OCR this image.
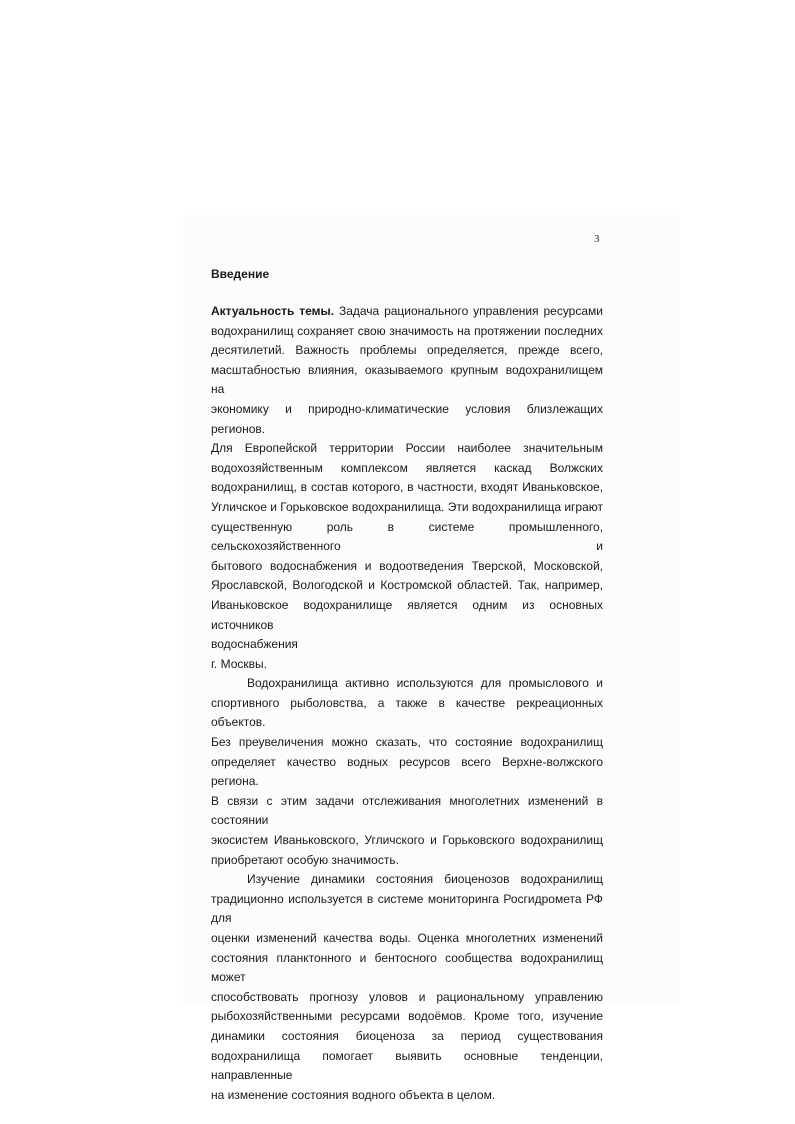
3
Введение
Актуальность темы. Задача рационального управления ресурсами
водохранилищ сохраняет свою значимость на протяжении последних
десятилетий. Важность проблемы определяется, прежде всего,
масштабностью влияния, оказываемого крупным водохранилищем на
экономику и природно-климатические условия близлежащих регионов.
Для Европейской территории России наиболее значительным
водохозяйственным комплексом является каскад Волжских
водохранилищ, в состав которого, в частности, входят Иваньковское,
Угличское и Горьковское водохранилища. Эти водохранилища играют
существенную роль в системе промышленного, сельскохозяйственного и
бытового водоснабжения и водоотведения Тверской, Московской,
Ярославской, Вологодской и Костромской областей. Так, например,
Иваньковское водохранилище является одним из основных источников
водоснабжения
г. Москвы.
Водохранилища активно используются для промыслового и
спортивного рыболовства, а также в качестве рекреационных объектов.
Без преувеличения можно сказать, что состояние водохранилищ
определяет качество водных ресурсов всего Верхне-волжского региона.
В связи с этим задачи отслеживания многолетних изменений в состоянии
экосистем Иваньковского, Угличского и Горьковского водохранилищ
приобретают особую значимость.
Изучение динамики состояния биоценозов водохранилищ
традиционно используется в системе мониторинга Росгидромета РФ для
оценки изменений качества воды. Оценка многолетних изменений
состояния планктонного и бентосного сообщества водохранилищ может
способствовать прогнозу уловов и рациональному управлению
рыбохозяйственными ресурсами водоёмов. Кроме того, изучение
динамики состояния биоценоза за период существования
водохранилища помогает выявить основные тенденции, направленные
на изменение состояния водного объекта в целом.
